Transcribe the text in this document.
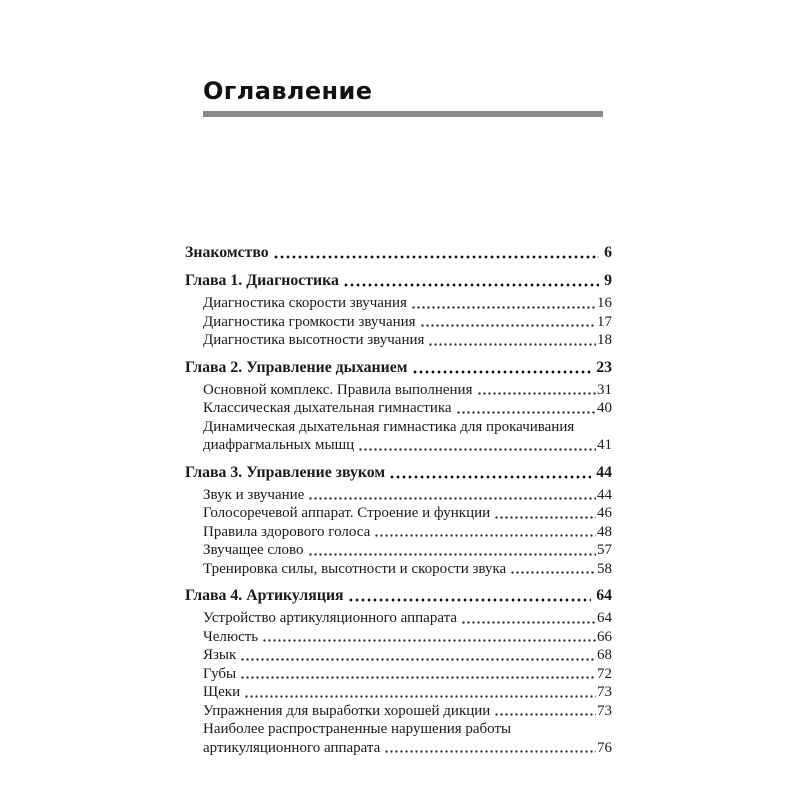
Оглавление
Знакомство	6
Глава 1. Диагностика	9
Диагностика скорости звучания	16
Диагностика громкости звучания	17
Диагностика высотности звучания	18
Глава 2. Управление дыханием	23
Основной комплекс. Правила выполнения	31
Классическая дыхательная гимнастика	40
Динамическая дыхательная гимнастика для прокачивания
диафрагмальных мышц	41
Глава 3. Управление звуком	44
Звук и звучание	44
Голосоречевой аппарат. Строение и функции	46
Правила здорового голоса	48
Звучащее слово	57
Тренировка силы, высотности и скорости звука	58
Глава 4. Артикуляция	64
Устройство артикуляционного аппарата	64
Челюсть	66
Язык	68
Губы	72
Щеки	73
Упражнения для выработки хорошей дикции	73
Наиболее распространенные нарушения работы
артикуляционного аппарата	76
